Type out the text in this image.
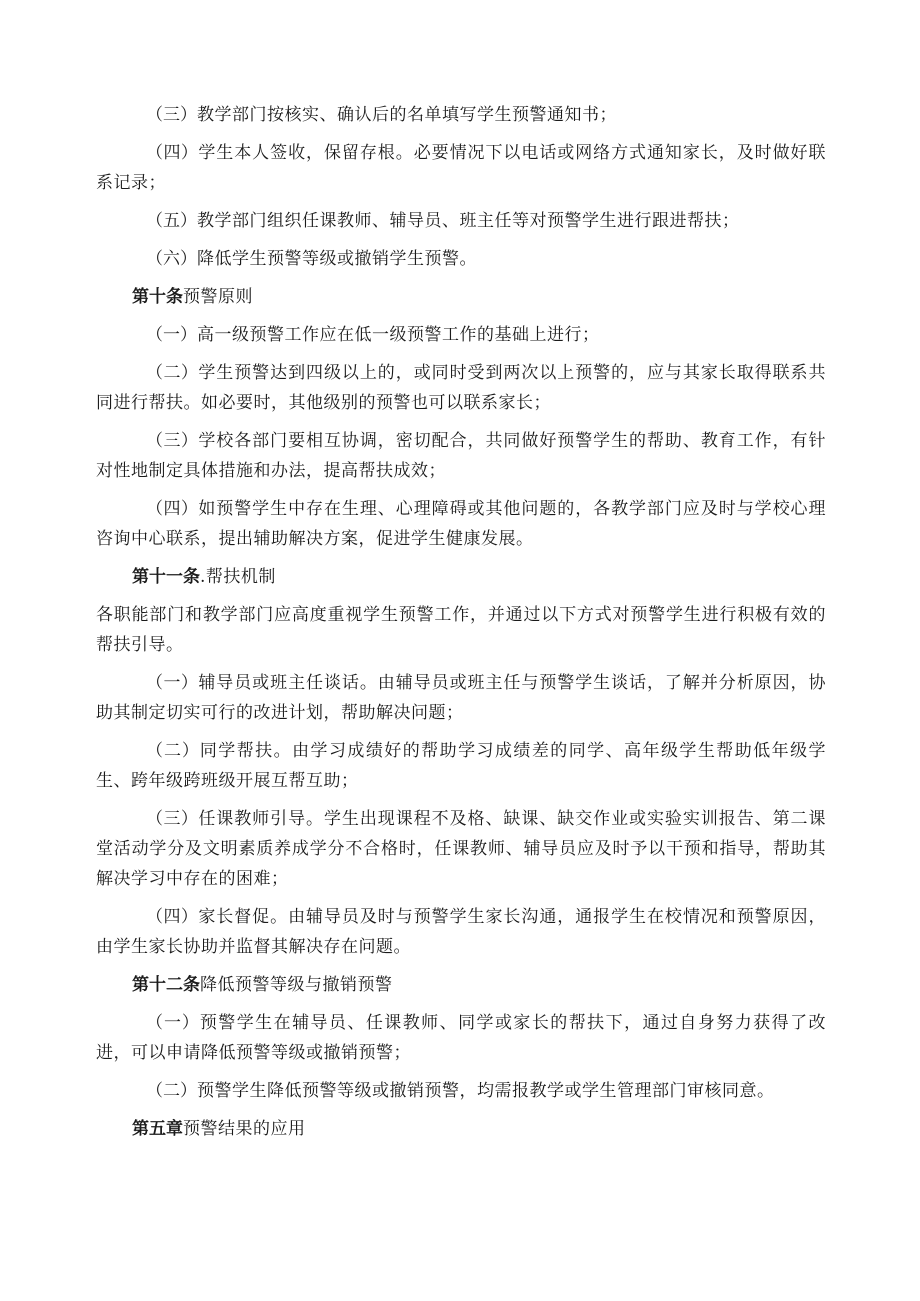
（三）教学部门按核实、确认后的名单填写学生预警通知书；

（四）学生本人签收，保留存根。必要情况下以电话或网络方式通知家长，及时做好联系记录；

（五）教学部门组织任课教师、辅导员、班主任等对预警学生进行跟进帮扶；

（六）降低学生预警等级或撤销学生预警。

第十条预警原则

（一）高一级预警工作应在低一级预警工作的基础上进行；

（二）学生预警达到四级以上的，或同时受到两次以上预警的，应与其家长取得联系共同进行帮扶。如必要时，其他级别的预警也可以联系家长；

（三）学校各部门要相互协调，密切配合，共同做好预警学生的帮助、教育工作，有针对性地制定具体措施和办法，提高帮扶成效；

（四）如预警学生中存在生理、心理障碍或其他问题的，各教学部门应及时与学校心理咨询中心联系，提出辅助解决方案，促进学生健康发展。

第十一条.帮扶机制

各职能部门和教学部门应高度重视学生预警工作，并通过以下方式对预警学生进行积极有效的帮扶引导。

（一）辅导员或班主任谈话。由辅导员或班主任与预警学生谈话，了解并分析原因，协助其制定切实可行的改进计划，帮助解决问题；

（二）同学帮扶。由学习成绩好的帮助学习成绩差的同学、高年级学生帮助低年级学生、跨年级跨班级开展互帮互助；

（三）任课教师引导。学生出现课程不及格、缺课、缺交作业或实验实训报告、第二课堂活动学分及文明素质养成学分不合格时，任课教师、辅导员应及时予以干预和指导，帮助其解决学习中存在的困难；

（四）家长督促。由辅导员及时与预警学生家长沟通，通报学生在校情况和预警原因，由学生家长协助并监督其解决存在问题。

第十二条降低预警等级与撤销预警

（一）预警学生在辅导员、任课教师、同学或家长的帮扶下，通过自身努力获得了改进，可以申请降低预警等级或撤销预警；

（二）预警学生降低预警等级或撤销预警，均需报教学或学生管理部门审核同意。

第五章预警结果的应用
